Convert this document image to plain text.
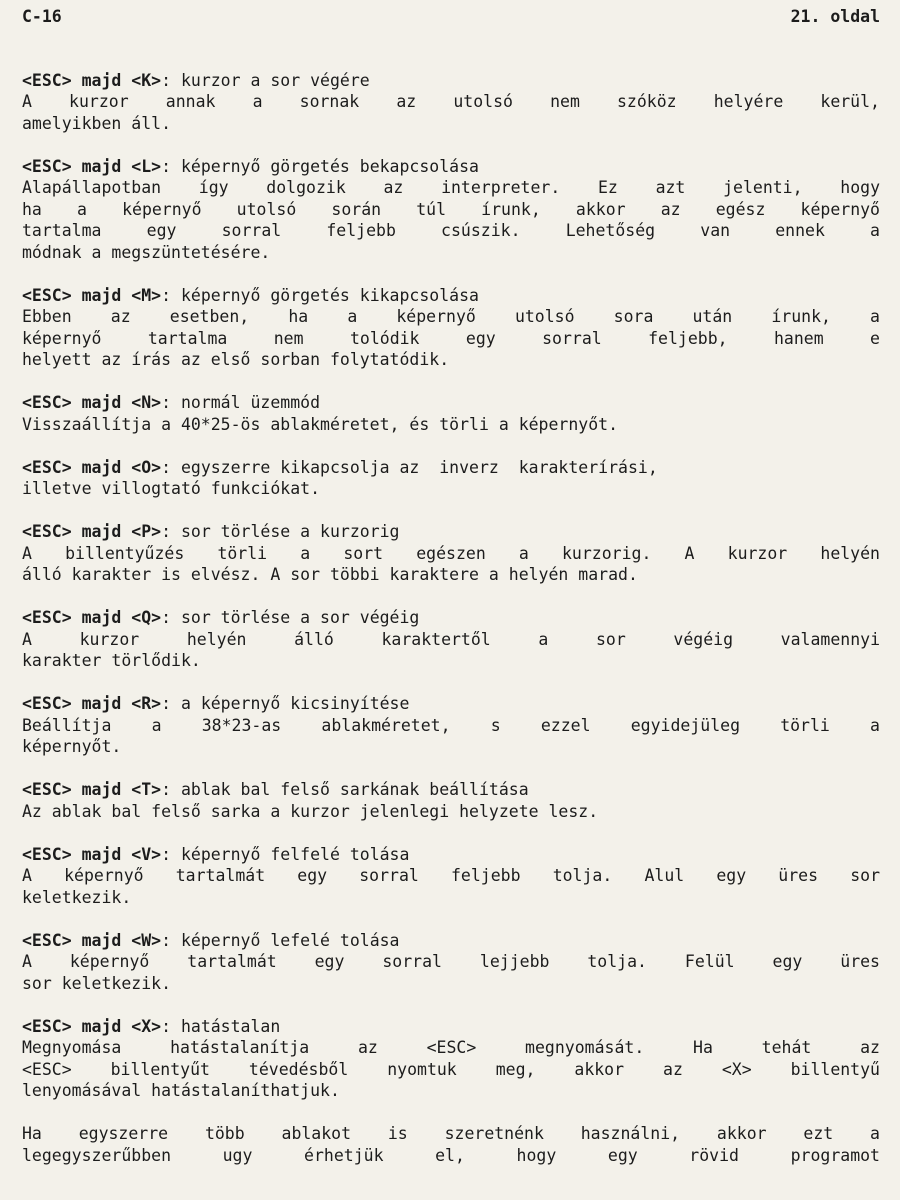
C-16	21. oldal
<ESC> majd <K>: kurzor a sor végére
A kurzor annak a sornak az utolsó nem szóköz helyére kerül,
amelyikben áll.
<ESC> majd <L>: képernyő görgetés bekapcsolása
Alapállapotban így dolgozik az interpreter. Ez azt jelenti, hogy
ha a képernyő utolsó során túl írunk, akkor az egész képernyő
tartalma egy sorral feljebb csúszik. Lehetőség van ennek a
módnak a megszüntetésére.
<ESC> majd <M>: képernyő görgetés kikapcsolása
Ebben az esetben, ha a képernyő utolsó sora után írunk, a
képernyő tartalma nem tolódik egy sorral feljebb, hanem e
helyett az írás az első sorban folytatódik.
<ESC> majd <N>: normál üzemmód
Visszaállítja a 40*25-ös ablakméretet, és törli a képernyőt.
<ESC> majd <O>: egyszerre kikapcsolja az  inverz  karakterírási,
illetve villogtató funkciókat.
<ESC> majd <P>: sor törlése a kurzorig
A billentyűzés törli a sort egészen a kurzorig. A kurzor helyén
álló karakter is elvész. A sor többi karaktere a helyén marad.
<ESC> majd <Q>: sor törlése a sor végéig
A kurzor helyén álló karaktertől a sor végéig valamennyi
karakter törlődik.
<ESC> majd <R>: a képernyő kicsinyítése
Beállítja a 38*23-as ablakméretet, s ezzel egyidejüleg törli a
képernyőt.
<ESC> majd <T>: ablak bal felső sarkának beállítása
Az ablak bal felső sarka a kurzor jelenlegi helyzete lesz.
<ESC> majd <V>: képernyő felfelé tolása
A képernyő tartalmát egy sorral feljebb tolja. Alul egy üres sor
keletkezik.
<ESC> majd <W>: képernyő lefelé tolása
A képernyő tartalmát egy sorral lejjebb tolja. Felül egy üres
sor keletkezik.
<ESC> majd <X>: hatástalan
Megnyomása hatástalanítja az <ESC> megnyomását. Ha tehát az
<ESC> billentyűt tévedésből nyomtuk meg, akkor az <X> billentyű
lenyomásával hatástalaníthatjuk.
Ha egyszerre több ablakot is szeretnénk használni, akkor ezt a
legegyszerűbben ugy érhetjük el, hogy egy rövid programot
